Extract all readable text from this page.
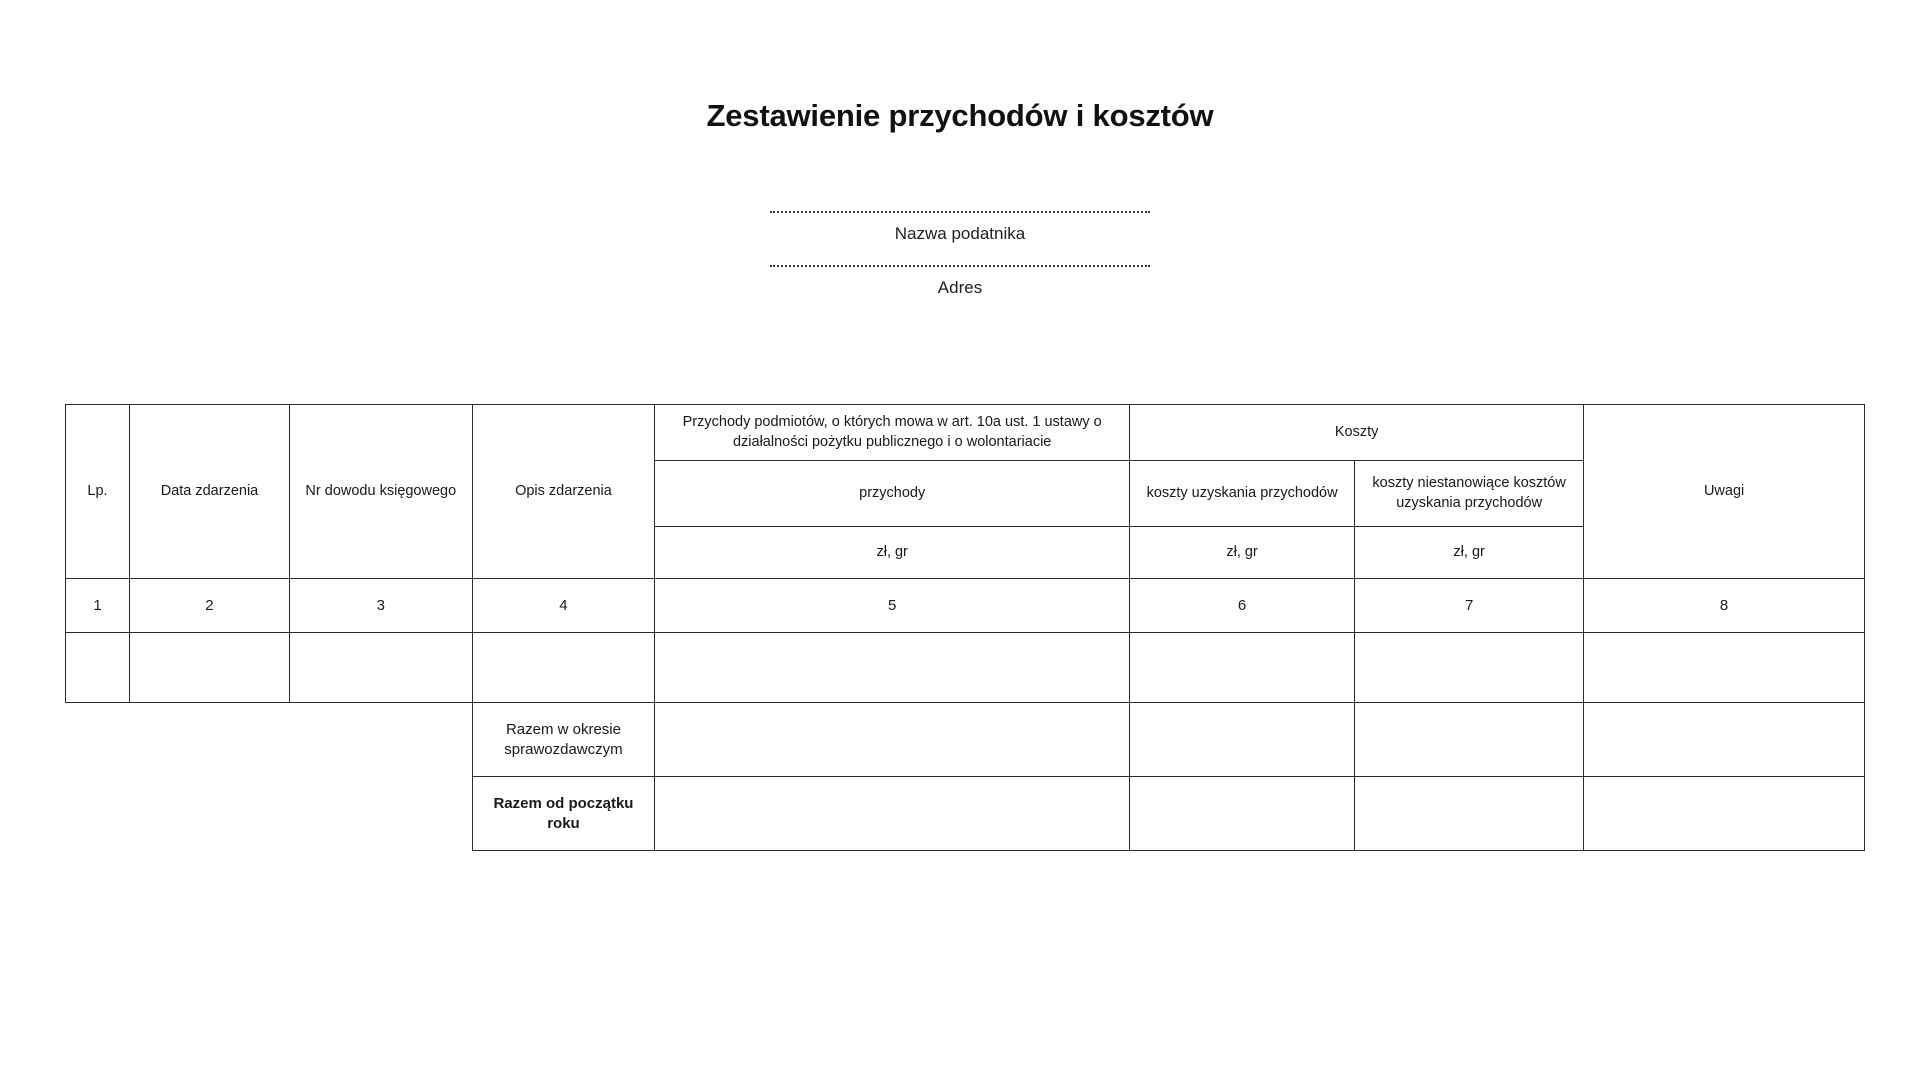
Zestawienie przychodów i kosztów
Nazwa podatnika
Adres
Lp.	Data zdarzenia	Nr dowodu księgowego	Opis zdarzenia	Przychody podmiotów, o których mowa w art. 10a ust. 1 ustawy o działalności pożytku publicznego i o wolontariacie	Koszty		Uwagi
				przychody	koszty uzyskania przychodów	koszty niestanowiące kosztów uzyskania przychodów	
				zł, gr	zł, gr	zł, gr	
1	2	3	4	5	6	7	8

			Razem w okresie sprawozdawczym				
			Razem od początku roku				
